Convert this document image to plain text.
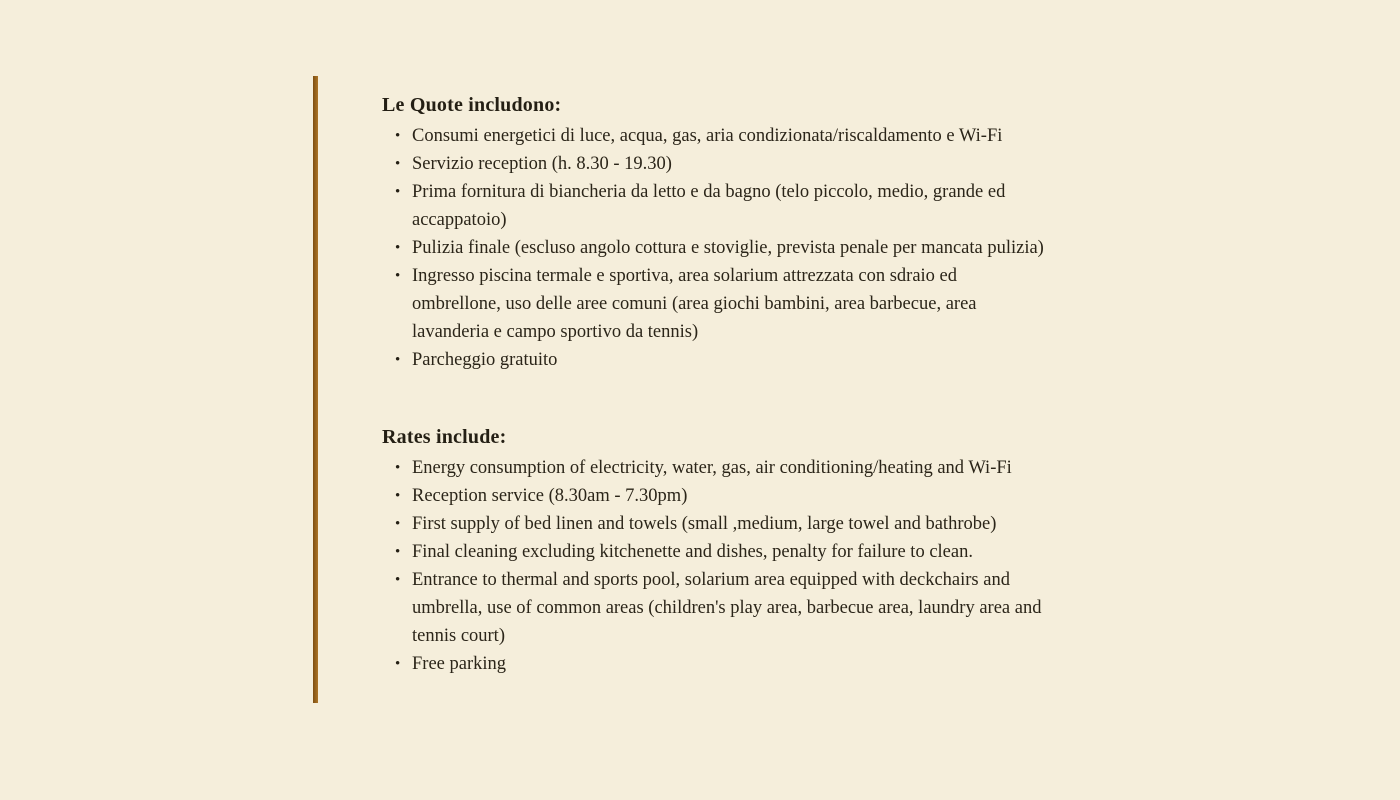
Le Quote includono:
• Consumi energetici di luce, acqua, gas, aria condizionata/riscaldamento e Wi-Fi
• Servizio reception (h. 8.30 - 19.30)
• Prima fornitura di biancheria da letto e da bagno (telo piccolo, medio, grande ed
accappatoio)
• Pulizia finale (escluso angolo cottura e stoviglie, prevista penale per mancata pulizia)
• Ingresso piscina termale e sportiva, area solarium attrezzata con sdraio ed
ombrellone, uso delle aree comuni (area giochi bambini, area barbecue, area
lavanderia e campo sportivo da tennis)
• Parcheggio gratuito
Rates include:
• Energy consumption of electricity, water, gas, air conditioning/heating and Wi-Fi
• Reception service (8.30am - 7.30pm)
• First supply of bed linen and towels (small ,medium, large towel and bathrobe)
• Final cleaning excluding kitchenette and dishes, penalty for failure to clean.
• Entrance to thermal and sports pool, solarium area equipped with deckchairs and
umbrella, use of common areas (children's play area, barbecue area, laundry area and
tennis court)
• Free parking
